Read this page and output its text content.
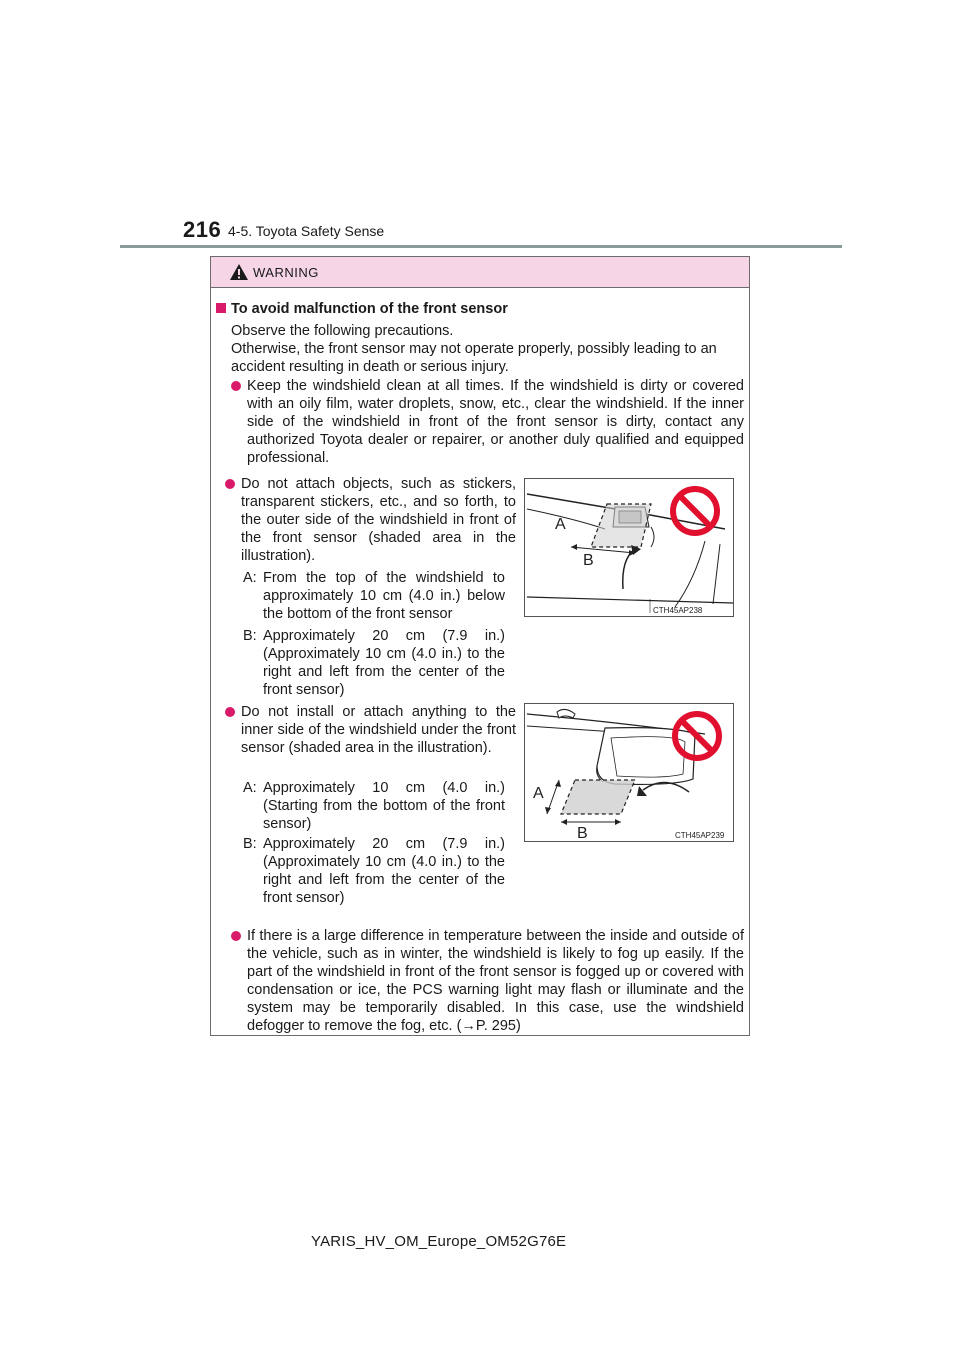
216 4-5. Toyota Safety Sense
WARNING
To avoid malfunction of the front sensor
Observe the following precautions.
Otherwise, the front sensor may not operate properly, possibly leading to an accident resulting in death or serious injury.
Keep the windshield clean at all times. If the windshield is dirty or covered with an oily film, water droplets, snow, etc., clear the windshield. If the inner side of the windshield in front of the front sensor is dirty, contact any authorized Toyota dealer or repairer, or another duly qualified and equipped professional.
Do not attach objects, such as stickers, transparent stickers, etc., and so forth, to the outer side of the windshield in front of the front sensor (shaded area in the illustration).
A: From the top of the windshield to approximately 10 cm (4.0 in.) below the bottom of the front sensor
B: Approximately 20 cm (7.9 in.) (Approximately 10 cm (4.0 in.) to the right and left from the center of the front sensor)
Do not install or attach anything to the inner side of the windshield under the front sensor (shaded area in the illustration).
A: Approximately 10 cm (4.0 in.) (Starting from the bottom of the front sensor)
B: Approximately 20 cm (7.9 in.) (Approximately 10 cm (4.0 in.) to the right and left from the center of the front sensor)
If there is a large difference in temperature between the inside and outside of the vehicle, such as in winter, the windshield is likely to fog up easily. If the part of the windshield in front of the front sensor is fogged up or covered with condensation or ice, the PCS warning light may flash or illuminate and the system may be temporarily disabled. In this case, use the windshield defogger to remove the fog, etc. (→P. 295)
A
B
CTH45AP238
A
B	CTH45AP239
YARIS_HV_OM_Europe_OM52G76E
